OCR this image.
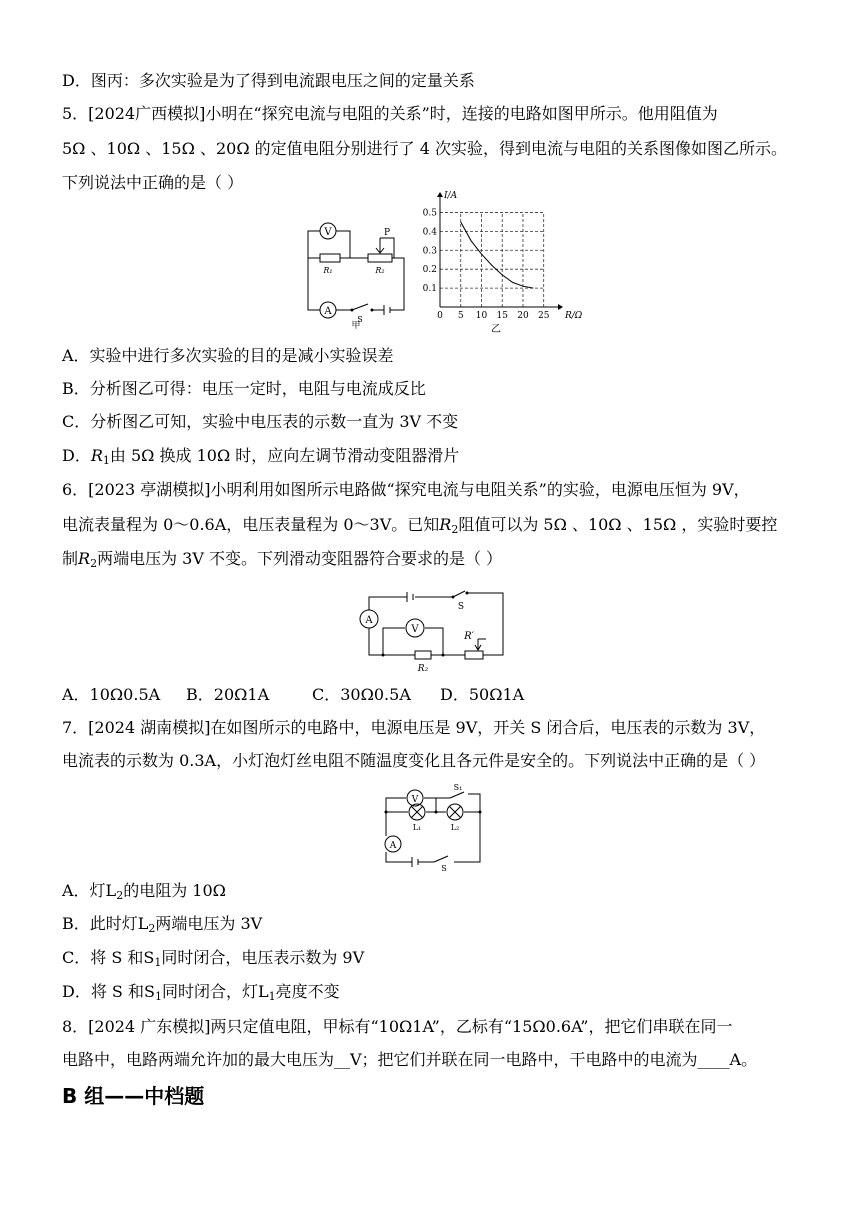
D．图丙：多次实验是为了得到电流跟电压之间的定量关系
5．[2024广西模拟]小明在“探究电流与电阻的关系”时，连接的电路如图甲所示。他用阻值为
5Ω 、10Ω 、15Ω 、20Ω 的定值电阻分别进行了 4 次实验，得到电流与电阻的关系图像如图乙所示。
下列说法中正确的是（ ）
V
A
P
R₁	R₂
S
甲
0 5 10 15 20 25
0.1
0.2
0.3
0.4
0.5
R/Ω
I/A
乙
A．实验中进行多次实验的目的是减小实验误差
B．分析图乙可得：电压一定时，电阻与电流成反比
C．分析图乙可知，实验中电压表的示数一直为 3V 不变
D．$R_1$由 5Ω 换成 10Ω 时，应向左调节滑动变阻器滑片
6．[2023 亭湖模拟]小明利用如图所示电路做“探究电流与电阻关系”的实验，电源电压恒为 9V，
电流表量程为 0～0.6A，电压表量程为 0～3V。已知$R_2$阻值可以为 5Ω 、10Ω 、15Ω ，实验时要控
制$R_2$两端电压为 3V 不变。下列滑动变阻器符合要求的是（ ）
A
V
S
R′
R₂
A．10Ω0.5A B．20Ω1A	C．30Ω0.5A D．50Ω1A
7．[2024 湖南模拟]在如图所示的电路中，电源电压是 9V，开关 S 闭合后，电压表的示数为 3V，
电流表的示数为 0.3A，小灯泡灯丝电阻不随温度变化且各元件是安全的。下列说法中正确的是（ ）
V
A
S₁
S
L₁	L₂
A．灯$L_2$的电阻为 10Ω
B．此时灯$L_2$两端电压为 3V
C．将 S 和$S_1$同时闭合，电压表示数为 9V
D．将 S 和$S_1$同时闭合，灯$L_1$亮度不变
8．[2024 广东模拟]两只定值电阻，甲标有“10Ω1A”，乙标有“15Ω0.6A”，把它们串联在同一
电路中，电路两端允许加的最大电压为__V；把它们并联在同一电路中，干电路中的电流为____A。
B 组——中档题
